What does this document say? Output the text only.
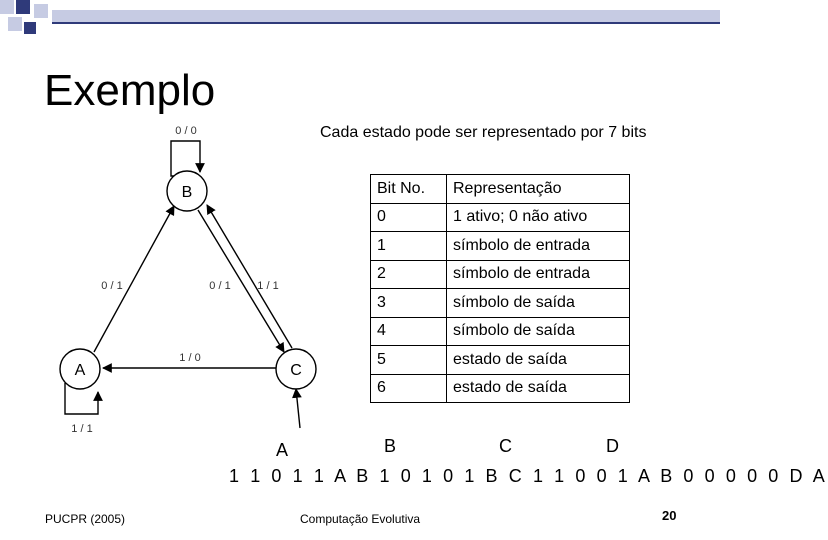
Exemplo
Cada estado pode ser representado por 7 bits
B
A	C
0 / 0
1 / 1
0 / 1	0 / 1 1 / 1
1 / 0
Bit No.	Representação
0	1 ativo; 0 não ativo
1	símbolo de entrada
2	símbolo de entrada
3	símbolo de saída
4	símbolo de saída
5	estado de saída
6	estado de saída
A	B	C	D
1 1 0 1 1 A B 1 0 1 0 1 B C 1 1 0 0 1 A B 0 0 0 0 0 D A
PUCPR (2005)	Computação Evolutiva	20
